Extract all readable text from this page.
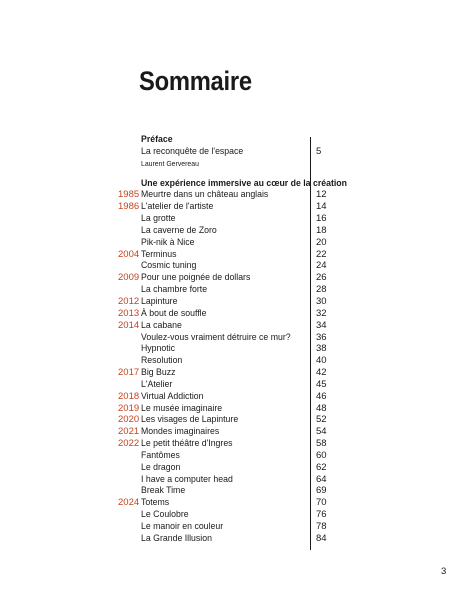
Sommaire
Préface
La reconquête de l'espace	5
Laurent Gervereau
Une expérience immersive au cœur de la création
1985 Meurtre dans un château anglais	12
1986 L'atelier de l'artiste	14
La grotte	16
La caverne de Zoro	18
Pik-nik à Nice	20
2004 Terminus	22
Cosmic tuning	24
2009 Pour une poignée de dollars	26
La chambre forte	28
2012 Lapinture	30
2013 À bout de souffle	32
2014 La cabane	34
Voulez-vous vraiment détruire ce mur?	36
Hypnotic	38
Resolution	40
2017 Big Buzz	42
L'Atelier	45
2018 Virtual Addiction	46
2019 Le musée imaginaire	48
2020 Les visages de Lapinture	52
2021 Mondes imaginaires	54
2022 Le petit théâtre d'Ingres	58
Fantômes	60
Le dragon	62
I have a computer head	64
Break Time	69
2024 Totems	70
Le Coulobre	76
Le manoir en couleur	78
La Grande Illusion	84
3
